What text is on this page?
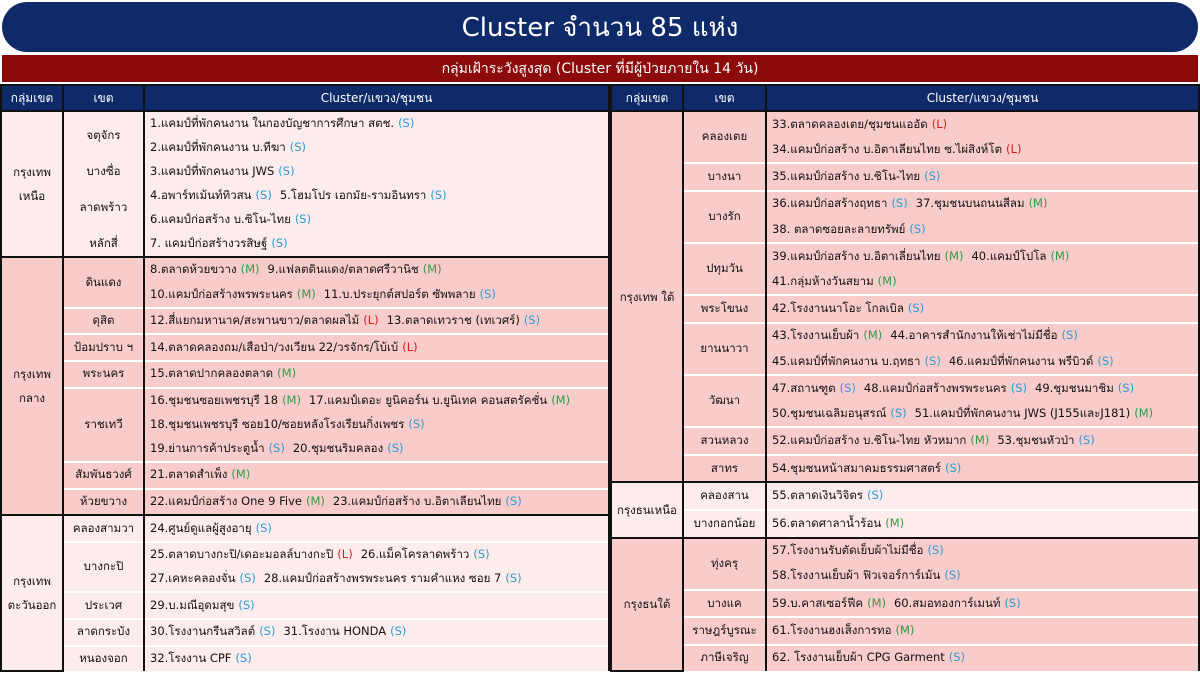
Cluster จำนวน 85 แห่ง
กลุ่มเฝ้าระวังสูงสุด (Cluster ที่มีผู้ป่วยภายใน 14 วัน)
กลุ่มเขต	เขต	Cluster/แขวง/ชุมชน
กรุงเทพ เหนือ	จตุจักร	1.แคมป์ที่พักคนงาน ในกองบัญชาการศึกษา สตช. (S)
		2.แคมป์ที่พักคนงาน บ.ทีฆา (S)
	บางซื่อ	3.แคมป์ที่พักคนงาน JWS (S)
	ลาดพร้าว	4.อพาร์ทเม้นท์ทิวสน (S) 5.โฮมโปร เอกมัย-รามอินทรา (S)
		6.แคมป์ก่อสร้าง บ.ซิโน-ไทย (S)
	หลักสี่	7. แคมป์ก่อสร้างวรสิษฐ์ (S)
กรุงเทพ กลาง	ดินแดง	8.ตลาดห้วยขวาง (M) 9.แฟลตดินแดง/ตลาดศรีวานิช (M)
		10.แคมป์ก่อสร้างพรพระนคร (M) 11.บ.ประยุกต์สปอร์ต ซัพพลาย (S)
	ดุสิต	12.สี่แยกมหานาค/สะพานขาว/ตลาดผลไม้ (L) 13.ตลาดเทวราช (เทเวศร์) (S)
	ป้อมปราบ ฯ	14.ตลาดคลองถม/เสือป่า/วงเวียน 22/วรจักร/โบ้เบ้ (L)
	พระนคร	15.ตลาดปากคลองตลาด (M)
	ราชเทวี	16.ชุมชนซอยเพชรบุรี 18 (M) 17.แคมป์เดอะ ยูนิคอร์น บ.ยูนิเทค คอนสตรัคชั่น (M)
		18.ชุมชนเพชรบุรี ซอย10/ซอยหลังโรงเรียนกิ่งเพชร (S)
		19.ย่านการค้าประตูน้ำ (S) 20.ชุมชนริมคลอง (S)
	สัมพันธวงศ์	21.ตลาดสำเพ็ง (M)
	ห้วยขวาง	22.แคมป์ก่อสร้าง One 9 Five (M) 23.แคมป์ก่อสร้าง บ.อิตาเลียนไทย (S)
กรุงเทพ ตะวันออก	คลองสามวา	24.ศูนย์ดูแลผู้สูงอายุ (S)
	บางกะปิ	25.ตลาดบางกะปิ/เดอะมอลล์บางกะปิ (L) 26.แม็คโครลาดพร้าว (S)
		27.เคหะคลองจั่น (S) 28.แคมป์ก่อสร้างพรพระนคร รามคำแหง ซอย 7 (S)
	ประเวศ	29.บ.มณีอุดมสุข (S)
	ลาดกระบัง	30.โรงงานกรีนสวิลต์ (S) 31.โรงงาน HONDA (S)
	หนองจอก	32.โรงงาน CPF (S)
กลุ่มเขต	เขต	Cluster/แขวง/ชุมชน
กรุงเทพ ใต้	คลองเตย	33.ตลาดคลองเตย/ชุมชนแออัด (L)
		34.แคมป์ก่อสร้าง บ.อิตาเลียนไทย ซ.ไผ่สิงห์โต (L)
	บางนา	35.แคมป์ก่อสร้าง บ.ซิโน-ไทย (S)
	บางรัก	36.แคมป์ก่อสร้างฤทธา (S) 37.ชุมชนบนถนนสีลม (M)
		38. ตลาดซอยละลายทรัพย์ (S)
	ปทุมวัน	39.แคมป์ก่อสร้าง บ.อิตาเลี่ยนไทย (M) 40.แคมป์โปโล (M)
		41.กลุ่มห้างวันสยาม (M)
	พระโขนง	42.โรงงานนาโอะ โกลเบิล (S)
	ยานนาวา	43.โรงงานเย็บผ้า (M) 44.อาคารสำนักงานให้เช่าไม่มีชื่อ (S)
		45.แคมป์ที่พักคนงาน บ.ฤทธา (S) 46.แคมป์ที่พักคนงาน พรีบิวด์ (S)
	วัฒนา	47.สถานฑูต (S) 48.แคมป์ก่อสร้างพรพระนคร (S) 49.ชุมชนมาชิม (S)
		50.ชุมชนเฉลิมอนุสรณ์ (S) 51.แคมป์ที่พักคนงาน JWS (J155และJ181) (M)
	สวนหลวง	52.แคมป์ก่อสร้าง บ.ซิโน-ไทย หัวหมาก (M) 53.ชุมชนหัวป่า (S)
	สาทร	54.ชุมชนหน้าสมาคมธรรมศาสตร์ (S)
กรุงธนเหนือ	คลองสาน	55.ตลาดเงินวิจิตร (S)
	บางกอกน้อย	56.ตลาดศาลาน้ำร้อน (M)
กรุงธนใต้	ทุ่งครุ	57.โรงงานรับตัดเย็บผ้าไม่มีชื่อ (S)
		58.โรงงานเย็บผ้า ฟิวเจอร์การ์เม้น (S)
	บางแค	59.บ.คาสเซอร์ฟีค (M) 60.สมอทองการ์เมนท์ (S)
	ราษฎร์บูรณะ	61.โรงงานฮงเส็งการทอ (M)
	ภาษีเจริญ	62. โรงงานเย็บผ้า CPG Garment (S)
